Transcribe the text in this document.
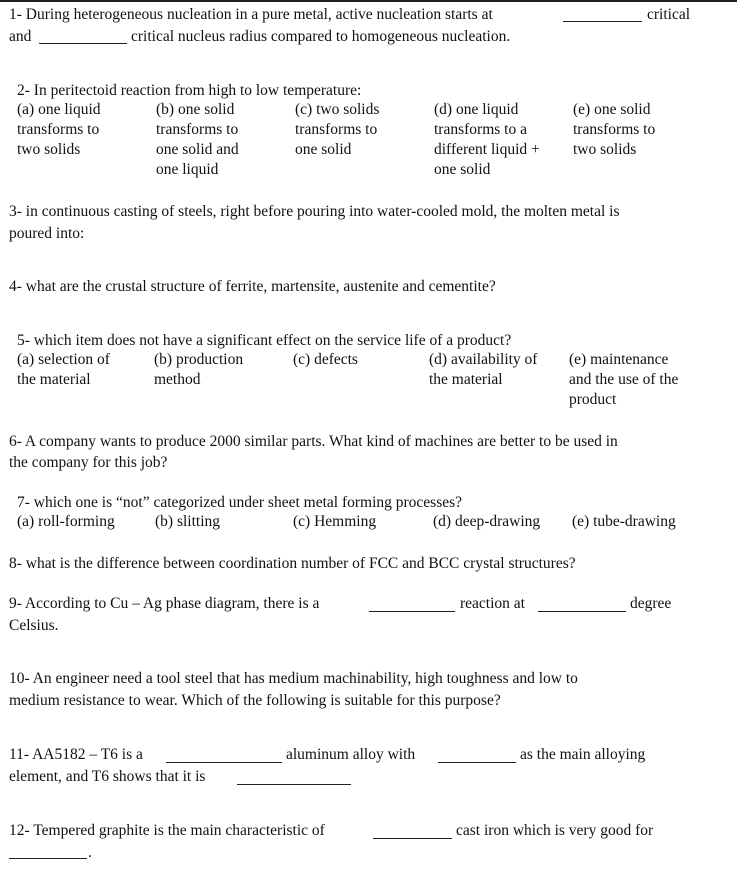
1- During heterogeneous nucleation in a pure metal, active nucleation starts at	critical
and	critical nucleus radius compared to homogeneous nucleation.
2- In peritectoid reaction from high to low temperature:
(a) one liquid
transforms to
two solids
(b) one solid
transforms to
one solid and
one liquid
(c) two solids
transforms to
one solid
(d) one liquid
transforms to a
different liquid +
one solid
(e) one solid
transforms to
two solids
3- in continuous casting of steels, right before pouring into water-cooled mold, the molten metal is
poured into:
4- what are the crustal structure of ferrite, martensite, austenite and cementite?
5- which item does not have a significant effect on the service life of a product?
(a) selection of
the material
(b) production
method
(c) defects	(d) availability of
the material
(e) maintenance
and the use of the
product
6- A company wants to produce 2000 similar parts. What kind of machines are better to be used in
the company for this job?
7- which one is “not” categorized under sheet metal forming processes?
(a) roll-forming	(b) slitting	(c) Hemming	(d) deep-drawing	(e) tube-drawing
8- what is the difference between coordination number of FCC and BCC crystal structures?
9- According to Cu – Ag phase diagram, there is a	reaction at	degree
Celsius.
10- An engineer need a tool steel that has medium machinability, high toughness and low to
medium resistance to wear. Which of the following is suitable for this purpose?
11- AA5182 – T6 is a	aluminum alloy with	as the main alloying
element, and T6 shows that it is
12- Tempered graphite is the main characteristic of	cast iron which is very good for
.
